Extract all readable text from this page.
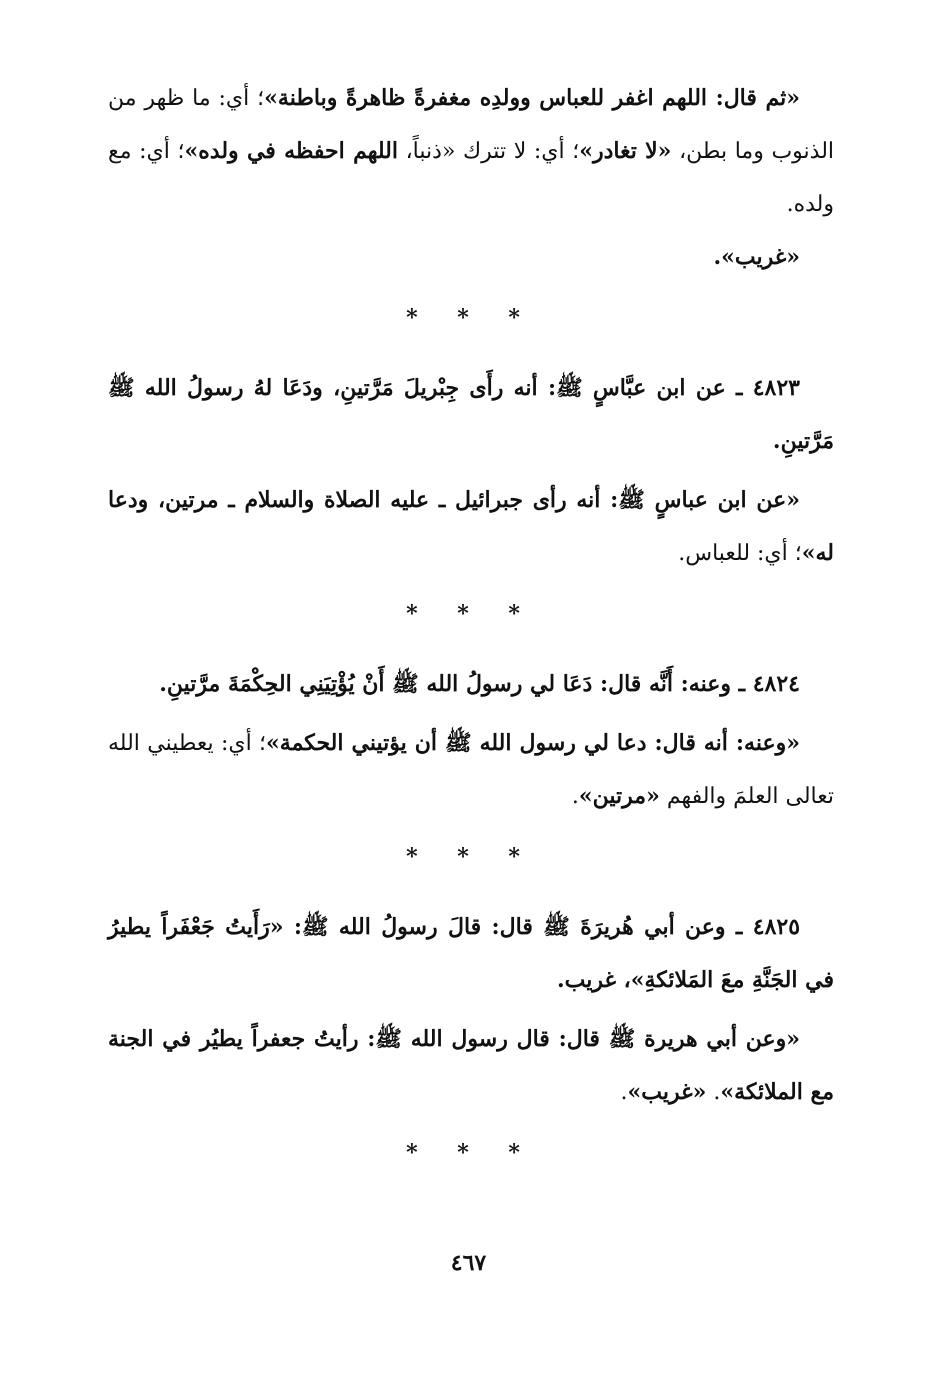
«ثم قال: اللهم اغفر للعباس وولدِه مغفرةً ظاهرةً وباطنة»؛ أي: ما ظهر من الذنوب وما بطن، «لا تغادر»؛ أي: لا تترك «ذنباً، اللهم احفظه في ولده»؛ أي: مع ولده.

«غريب».

* * *

٤٨٢٣ ـ عن ابن عبَّاسٍ ﷺ: أنه رأَى جِبْريلَ مَرَّتينِ، ودَعَا لهُ رسولُ الله ﷺ مَرَّتينِ.

«عن ابن عباسٍ ﷺ: أنه رأى جبرائيل ـ عليه الصلاة والسلام ـ مرتين، ودعا له»؛ أي: للعباس.

* * *

٤٨٢٤ ـ وعنه: أَنَّه قال: دَعَا لي رسولُ الله ﷺ أَنْ يُؤْتِيَنِي الحِكْمَةَ مرَّتينِ.

«وعنه: أنه قال: دعا لي رسول الله ﷺ أن يؤتيني الحكمة»؛ أي: يعطيني الله تعالى العلمَ والفهم «مرتين».

* * *

٤٨٢٥ ـ وعن أبي هُريرَةَ ﷺ قال: قالَ رسولُ الله ﷺ: «رَأَيتُ جَعْفَراً يطيرُ في الجَنَّةِ معَ المَلائكةِ»، غريب.

«وعن أبي هريرة ﷺ قال: قال رسول الله ﷺ: رأيتُ جعفراً يطيُر في الجنة مع الملائكة». «غريب».

* * *
٤٦٧
